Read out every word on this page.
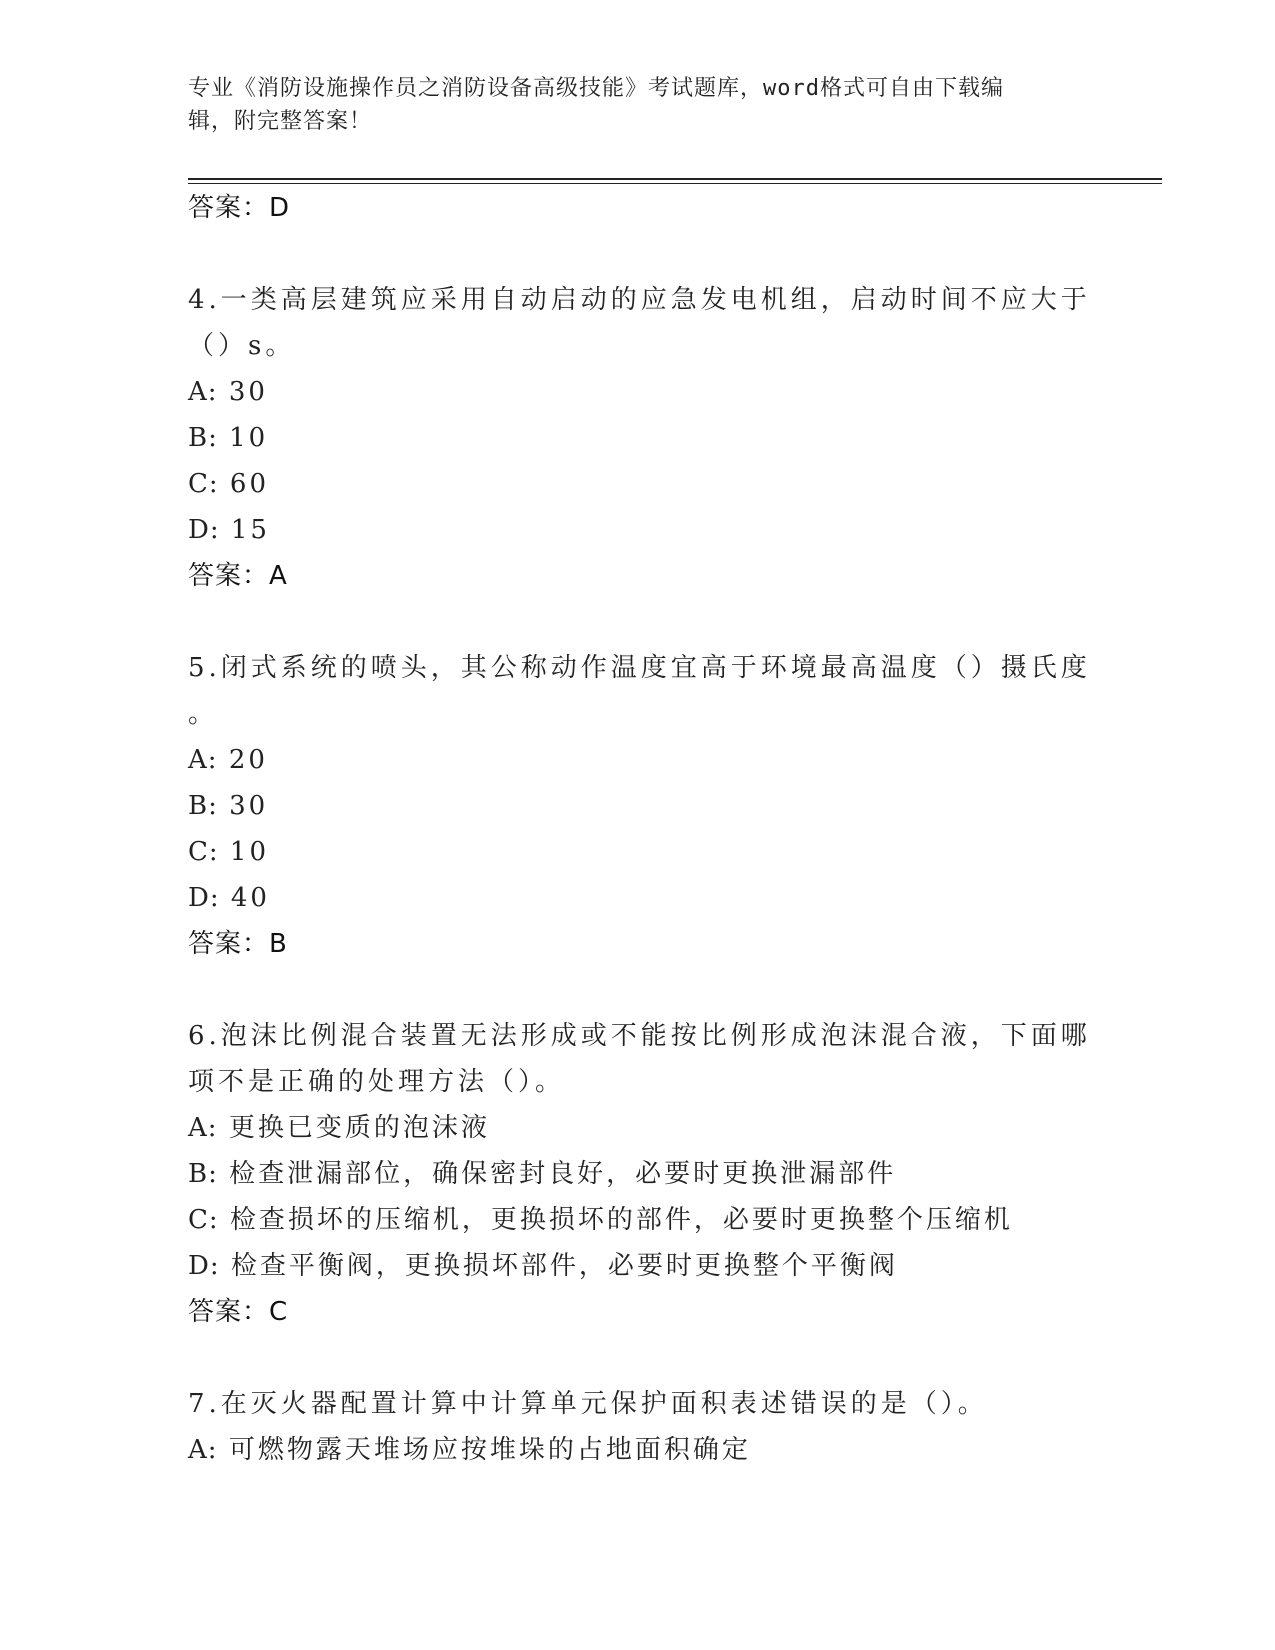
专业《消防设施操作员之消防设备高级技能》考试题库，word格式可自由下载编
辑，附完整答案！
答案：D
4.一类高层建筑应采用自动启动的应急发电机组，启动时间不应大于
（）s。
A: 30
B: 10
C: 60
D: 15
答案：A
5.闭式系统的喷头，其公称动作温度宜高于环境最高温度（）摄氏度
。
A: 20
B: 30
C: 10
D: 40
答案：B
6.泡沫比例混合装置无法形成或不能按比例形成泡沫混合液，下面哪
项不是正确的处理方法（）。
A: 更换已变质的泡沫液
B: 检查泄漏部位，确保密封良好，必要时更换泄漏部件
C: 检查损坏的压缩机，更换损坏的部件，必要时更换整个压缩机
D: 检查平衡阀，更换损坏部件，必要时更换整个平衡阀
答案：C
7.在灭火器配置计算中计算单元保护面积表述错误的是（）。
A: 可燃物露天堆场应按堆垛的占地面积确定
